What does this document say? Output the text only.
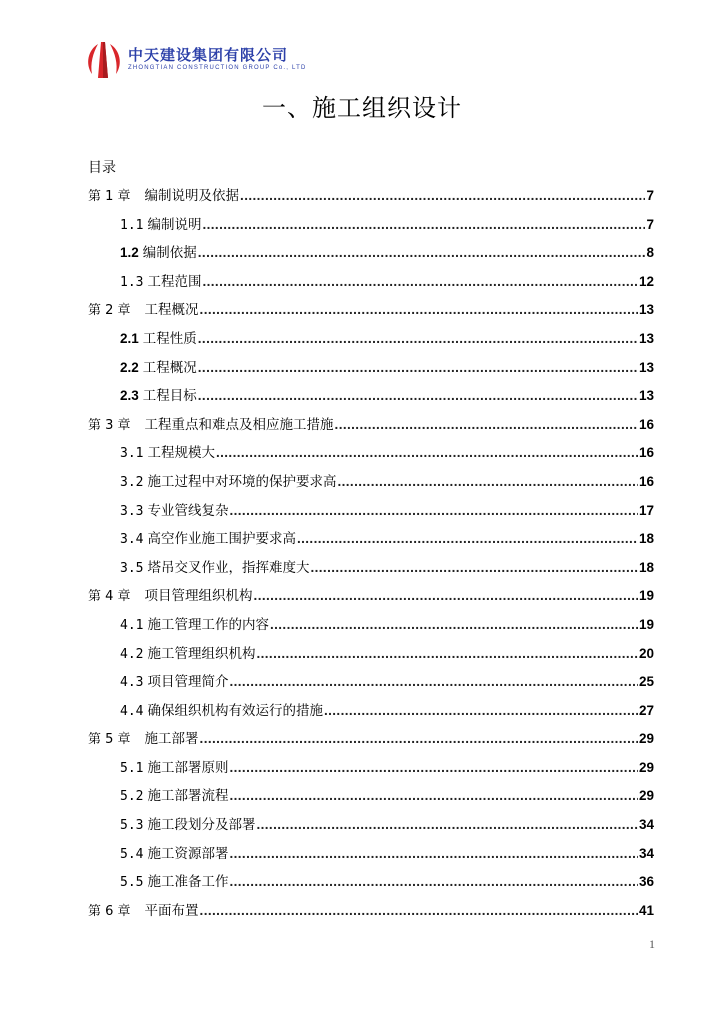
中天建设集团有限公司
ZHONGTIAN CONSTRUCTION GROUP Co., LTD
一、施工组织设计
目录
第 1 章 编制说明及依据 .....	7
1.1 编制说明 .....	7
1.2 编制依据 .....	8
1.3 工程范围 .....	12
第 2 章 工程概况 .....	13
2.1 工程性质 .....	13
2.2 工程概况 .....	13
2.3 工程目标 .....	13
第 3 章 工程重点和难点及相应施工措施 .....	16
3.1 工程规模大 .....	16
3.2 施工过程中对环境的保护要求高 .....	16
3.3 专业管线复杂 .....	17
3.4 高空作业施工围护要求高 .....	18
3.5 塔吊交叉作业，指挥难度大 .....	18
第 4 章 项目管理组织机构 .....	19
4.1 施工管理工作的内容 .....	19
4.2 施工管理组织机构 .....	20
4.3 项目管理简介 .....	25
4.4 确保组织机构有效运行的措施 .....	27
第 5 章 施工部署 .....	29
5.1 施工部署原则 .....	29
5.2 施工部署流程 .....	29
5.3 施工段划分及部署 .....	34
5.4 施工资源部署 .....	34
5.5 施工准备工作 .....	36
第 6 章 平面布置 .....	41
1
